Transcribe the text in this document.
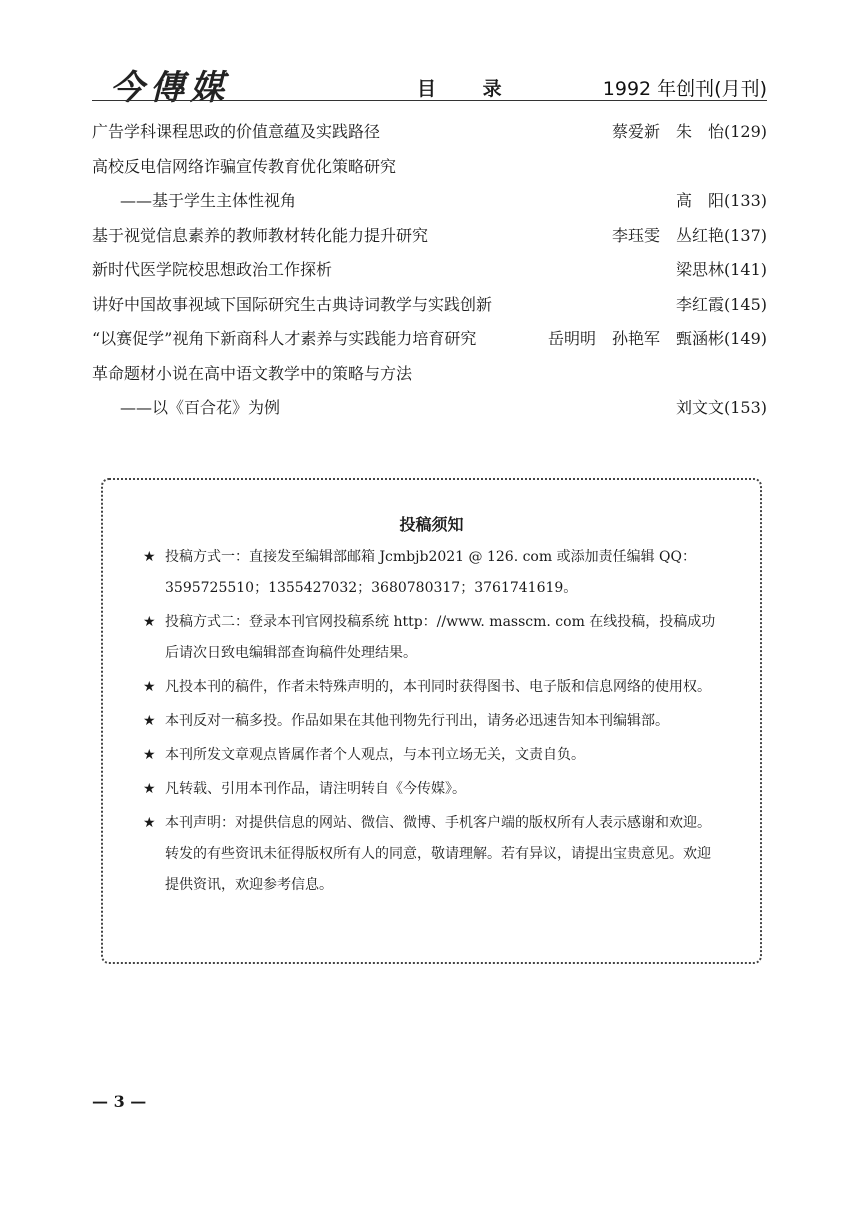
今傳媒	目 录	1992 年创刊(月刊)
广告学科课程思政的价值意蕴及实践路径	蔡爱新　朱　怡(129)
高校反电信网络诈骗宣传教育优化策略研究
——基于学生主体性视角	高　阳(133)
基于视觉信息素养的教师教材转化能力提升研究	李珏雯　丛红艳(137)
新时代医学院校思想政治工作探析	梁思林(141)
讲好中国故事视域下国际研究生古典诗词教学与实践创新	李红霞(145)
“以赛促学”视角下新商科人才素养与实践能力培育研究	岳明明　孙艳军　甄涵彬(149)
革命题材小说在高中语文教学中的策略与方法
——以《百合花》为例	刘文文(153)
投稿须知
★ 投稿方式一：直接发至编辑部邮箱 Jcmbjb2021 @ 126. com 或添加责任编辑 QQ：3595725510；1355427032；3680780317；3761741619。
★ 投稿方式二：登录本刊官网投稿系统 http：//www. masscm. com 在线投稿，投稿成功后请次日致电编辑部查询稿件处理结果。
★ 凡投本刊的稿件，作者未特殊声明的，本刊同时获得图书、电子版和信息网络的使用权。
★ 本刊反对一稿多投。作品如果在其他刊物先行刊出，请务必迅速告知本刊编辑部。
★ 本刊所发文章观点皆属作者个人观点，与本刊立场无关，文责自负。
★ 凡转载、引用本刊作品，请注明转自《今传媒》。
★ 本刊声明：对提供信息的网站、微信、微博、手机客户端的版权所有人表示感谢和欢迎。转发的有些资讯未征得版权所有人的同意，敬请理解。若有异议，请提出宝贵意见。欢迎提供资讯，欢迎参考信息。
— 3 —
